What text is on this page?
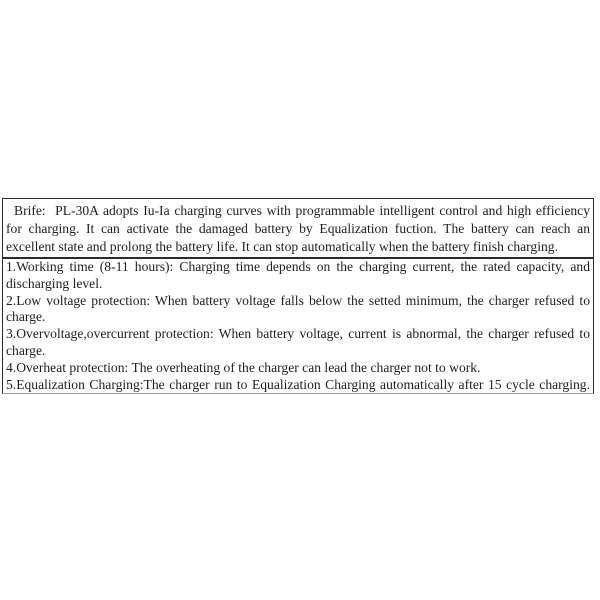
Brife:  PL-30A adopts Iu-Ia charging curves with programmable intelligent control and high efficiency
for charging. It can activate the damaged battery by Equalization fuction. The battery can reach an
excellent state and prolong the battery life. It can stop automatically when the battery finish charging.
1.Working time (8-11 hours): Charging time depends on the charging current, the rated capacity, and
discharging level.
2.Low voltage protection: When battery voltage falls below the setted minimum, the charger refused to
charge.
3.Overvoltage,overcurrent protection: When battery voltage, current is abnormal, the charger refused to
charge.
4.Overheat protection: The overheating of the charger can lead the charger not to work.
5.Equalization Charging:The charger run to Equalization Charging automatically after 15 cycle charging.
